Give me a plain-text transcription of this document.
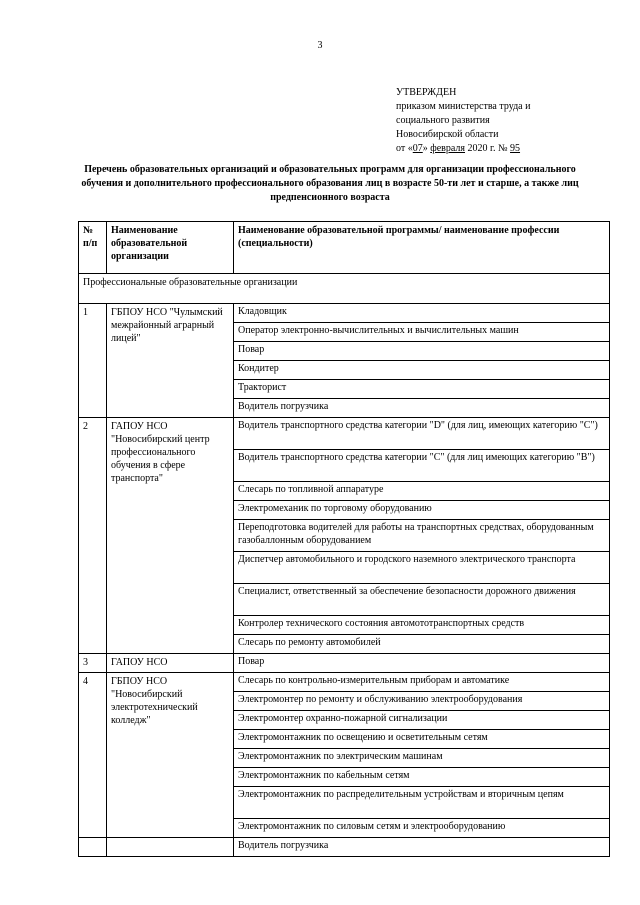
3
УТВЕРЖДЕН
приказом министерства труда и
социального развития
Новосибирской области
от «07» февраля 2020 г. № 95
Перечень образовательных организаций и образовательных программ для организации профессионального обучения и дополнительного профессионального образования лиц в возрасте 50-ти лет и старше, а также лиц предпенсионного возраста
№ п/п	Наименование образовательной организации	Наименование образовательной программы/ наименование профессии (специальности)
Профессиональные образовательные организации		
1	ГБПОУ НСО "Чулымский межрайонный аграрный лицей"	Кладовщик
		Оператор электронно-вычислительных и вычислительных машин
		Повар
		Кондитер
		Тракторист
		Водитель погрузчика
2	ГАПОУ НСО "Новосибирский центр профессионального обучения в сфере транспорта"	Водитель транспортного средства категории "D" (для лиц, имеющих категорию "С")
		Водитель транспортного средства категории "С" (для лиц имеющих категорию "В")
		Слесарь по топливной аппаратуре
		Электромеханик по торговому оборудованию
		Переподготовка водителей для работы на транспортных средствах, оборудованным газобаллонным оборудованием
		Диспетчер автомобильного и городского наземного электрического транспорта
		Специалист, ответственный за обеспечение безопасности дорожного движения
		Контролер технического состояния автомототранспортных средств
		Слесарь по ремонту автомобилей
3	ГАПОУ НСО	Повар
4	ГБПОУ НСО "Новосибирский электротехнический колледж"	Слесарь по контрольно-измерительным приборам и автоматике
		Электромонтер по ремонту и обслуживанию электрооборудования
		Электромонтер охранно-пожарной сигнализации
		Электромонтажник по освещению и осветительным сетям
		Электромонтажник по электрическим машинам
		Электромонтажник по кабельным сетям
		Электромонтажник по распределительным устройствам и вторичным цепям
		Электромонтажник по силовым сетям и электрооборудованию
		Водитель погрузчика
